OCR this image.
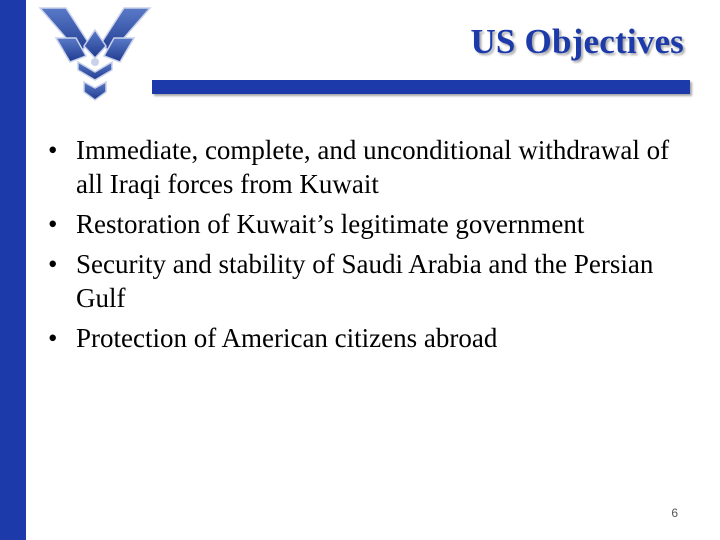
US Objectives
• Immediate, complete, and unconditional withdrawal of all Iraqi forces from Kuwait
• Restoration of Kuwait’s legitimate government
• Security and stability of Saudi Arabia and the Persian Gulf
• Protection of American citizens abroad
6
